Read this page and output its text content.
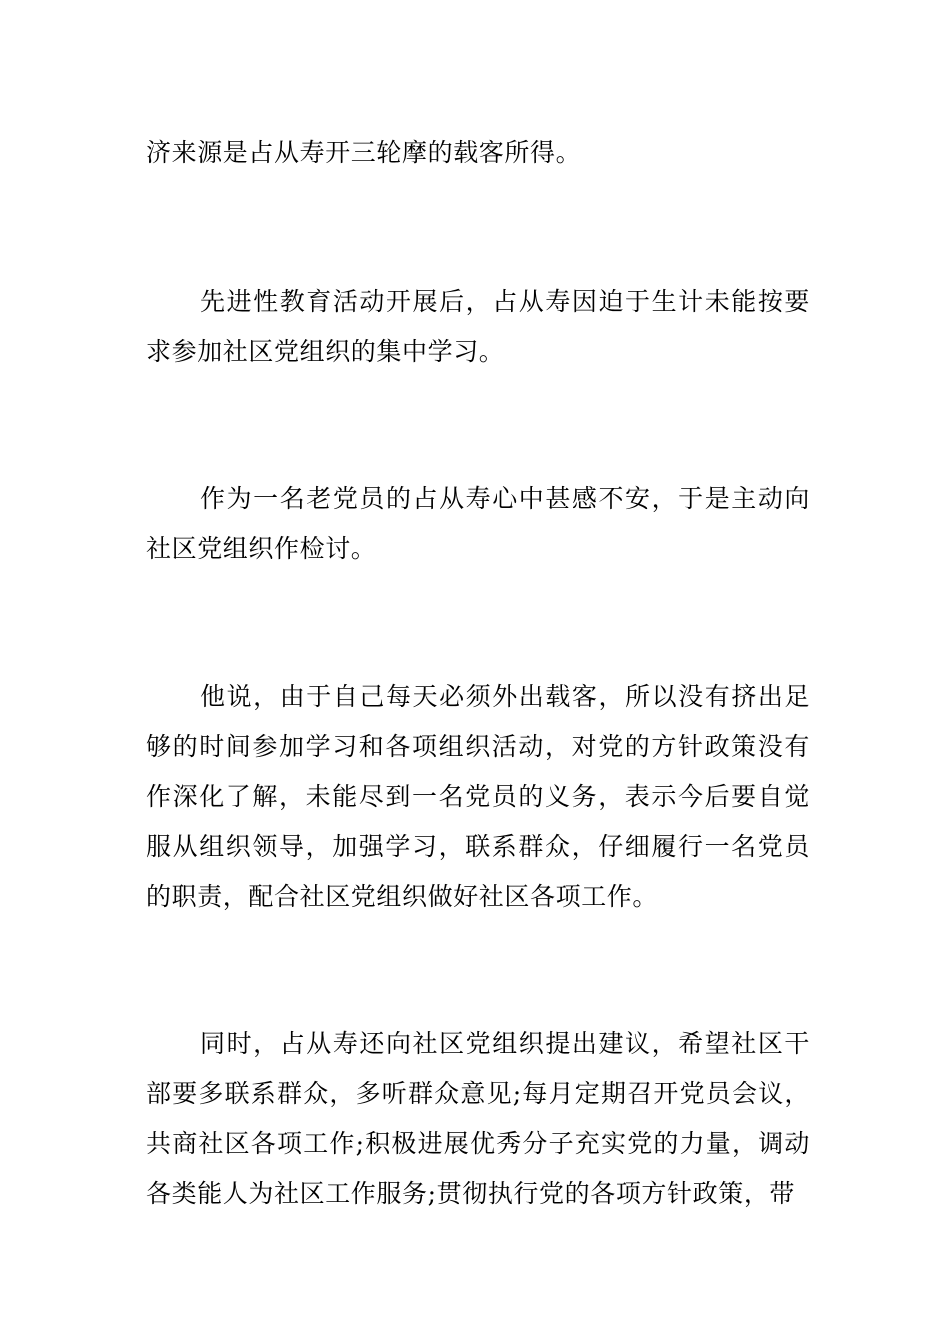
济来源是占从寿开三轮摩的载客所得。

先进性教育活动开展后，占从寿因迫于生计未能按要求参加社区党组织的集中学习。

作为一名老党员的占从寿心中甚感不安，于是主动向社区党组织作检讨。

他说，由于自己每天必须外出载客，所以没有挤出足够的时间参加学习和各项组织活动，对党的方针政策没有作深化了解，未能尽到一名党员的义务，表示今后要自觉服从组织领导，加强学习，联系群众，仔细履行一名党员的职责，配合社区党组织做好社区各项工作。

同时，占从寿还向社区党组织提出建议，希望社区干部要多联系群众，多听群众意见;每月定期召开党员会议，共商社区各项工作;积极进展优秀分子充实党的力量，调动各类能人为社区工作服务;贯彻执行党的各项方针政策，带
